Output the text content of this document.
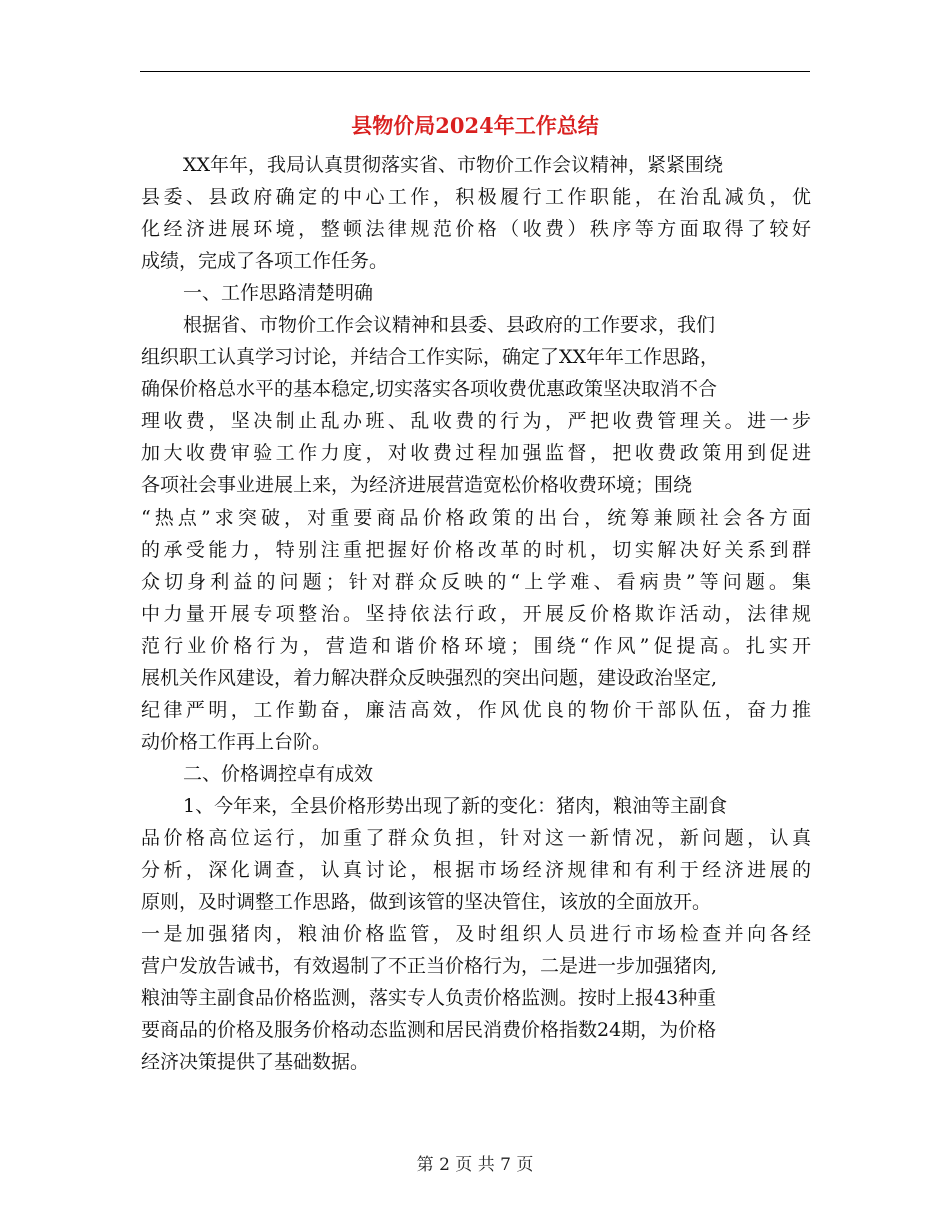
县物价局2024年工作总结
XX年年，我局认真贯彻落实省、市物价工作会议精神，紧紧围绕
县委、县政府确定的中心工作，积极履行工作职能，在治乱减负，优
化经济进展环境，整顿法律规范价格（收费）秩序等方面取得了较好
成绩，完成了各项工作任务。
一、工作思路清楚明确
根据省、市物价工作会议精神和县委、县政府的工作要求，我们
组织职工认真学习讨论，并结合工作实际，确定了XX年年工作思路，
确保价格总水平的基本稳定,切实落实各项收费优惠政策坚决取消不合
理收费，坚决制止乱办班、乱收费的行为，严把收费管理关。进一步
加大收费审验工作力度，对收费过程加强监督，把收费政策用到促进
各项社会事业进展上来，为经济进展营造宽松价格收费环境；围绕
“热点”求突破，对重要商品价格政策的出台，统筹兼顾社会各方面
的承受能力，特别注重把握好价格改革的时机，切实解决好关系到群
众切身利益的问题；针对群众反映的“上学难、看病贵”等问题。集
中力量开展专项整治。坚持依法行政，开展反价格欺诈活动，法律规
范行业价格行为，营造和谐价格环境；围绕“作风”促提高。扎实开
展机关作风建设，着力解决群众反映强烈的突出问题，建设政治坚定,
纪律严明，工作勤奋，廉洁高效，作风优良的物价干部队伍，奋力推
动价格工作再上台阶。
二、价格调控卓有成效
1、今年来，全县价格形势出现了新的变化：猪肉，粮油等主副食
品价格高位运行，加重了群众负担，针对这一新情况，新问题，认真
分析，深化调查，认真讨论，根据市场经济规律和有利于经济进展的
原则，及时调整工作思路，做到该管的坚决管住，该放的全面放开。
一是加强猪肉，粮油价格监管，及时组织人员进行市场检查并向各经
营户发放告诫书，有效遏制了不正当价格行为，二是进一步加强猪肉,
粮油等主副食品价格监测，落实专人负责价格监测。按时上报43种重
要商品的价格及服务价格动态监测和居民消费价格指数24期，为价格
经济决策提供了基础数据。
第 2 页 共 7 页
